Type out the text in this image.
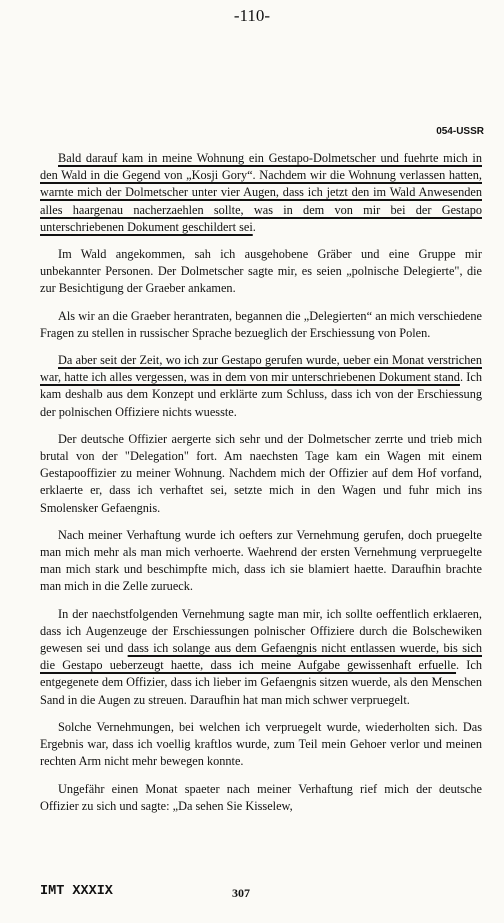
-110-
054-USSR

Bald darauf kam in meine Wohnung ein Gestapo-Dolmetscher und fuehrte mich in den Wald in die Gegend von „Kosji Gory“. Nachdem wir die Wohnung verlassen hatten, warnte mich der Dolmetscher unter vier Augen, dass ich jetzt den im Wald Anwesenden alles haargenau nacherzaehlen sollte, was in dem von mir bei der Gestapo unterschriebenen Dokument geschildert sei.

Im Wald angekommen, sah ich ausgehobene Gräber und eine Gruppe mir unbekannter Personen. Der Dolmetscher sagte mir, es seien „polnische Delegierte", die zur Besichtigung der Graeber ankamen.

Als wir an die Graeber herantraten, begannen die „Delegierten“ an mich verschiedene Fragen zu stellen in russischer Sprache bezueglich der Erschiessung von Polen.

Da aber seit der Zeit, wo ich zur Gestapo gerufen wurde, ueber ein Monat verstrichen war, hatte ich alles vergessen, was in dem von mir unterschriebenen Dokument stand. Ich kam deshalb aus dem Konzept und erklärte zum Schluss, dass ich von der Erschiessung der polnischen Offiziere nichts wuesste.

Der deutsche Offizier aergerte sich sehr und der Dolmetscher zerrte und trieb mich brutal von der "Delegation" fort. Am naechsten Tage kam ein Wagen mit einem Gestapooffizier zu meiner Wohnung. Nachdem mich der Offizier auf dem Hof vorfand, erklaerte er, dass ich verhaftet sei, setzte mich in den Wagen und fuhr mich ins Smolensker Gefaengnis.

Nach meiner Verhaftung wurde ich oefters zur Vernehmung gerufen, doch pruegelte man mich mehr als man mich verhoerte. Waehrend der ersten Vernehmung verpruegelte man mich stark und beschimpfte mich, dass ich sie blamiert haette. Daraufhin brachte man mich in die Zelle zurueck.

In der naechstfolgenden Vernehmung sagte man mir, ich sollte oeffentlich erklaeren, dass ich Augenzeuge der Erschiessungen polnischer Offiziere durch die Bolschewiken gewesen sei und dass ich solange aus dem Gefaengnis nicht entlassen wuerde, bis sich die Gestapo ueberzeugt haette, dass ich meine Aufgabe gewissenhaft erfuelle. Ich entgegenete dem Offizier, dass ich lieber im Gefaengnis sitzen wuerde, als den Menschen Sand in die Augen zu streuen. Daraufhin hat man mich schwer verpruegelt.

Solche Vernehmungen, bei welchen ich verpruegelt wurde, wiederholten sich. Das Ergebnis war, dass ich voellig kraftlos wurde, zum Teil mein Gehoer verlor und meinen rechten Arm nicht mehr bewegen konnte.

Ungefähr einen Monat spaeter nach meiner Verhaftung rief mich der deutsche Offizier zu sich und sagte: „Da sehen Sie Kisselew,

IMT XXXIX	307
